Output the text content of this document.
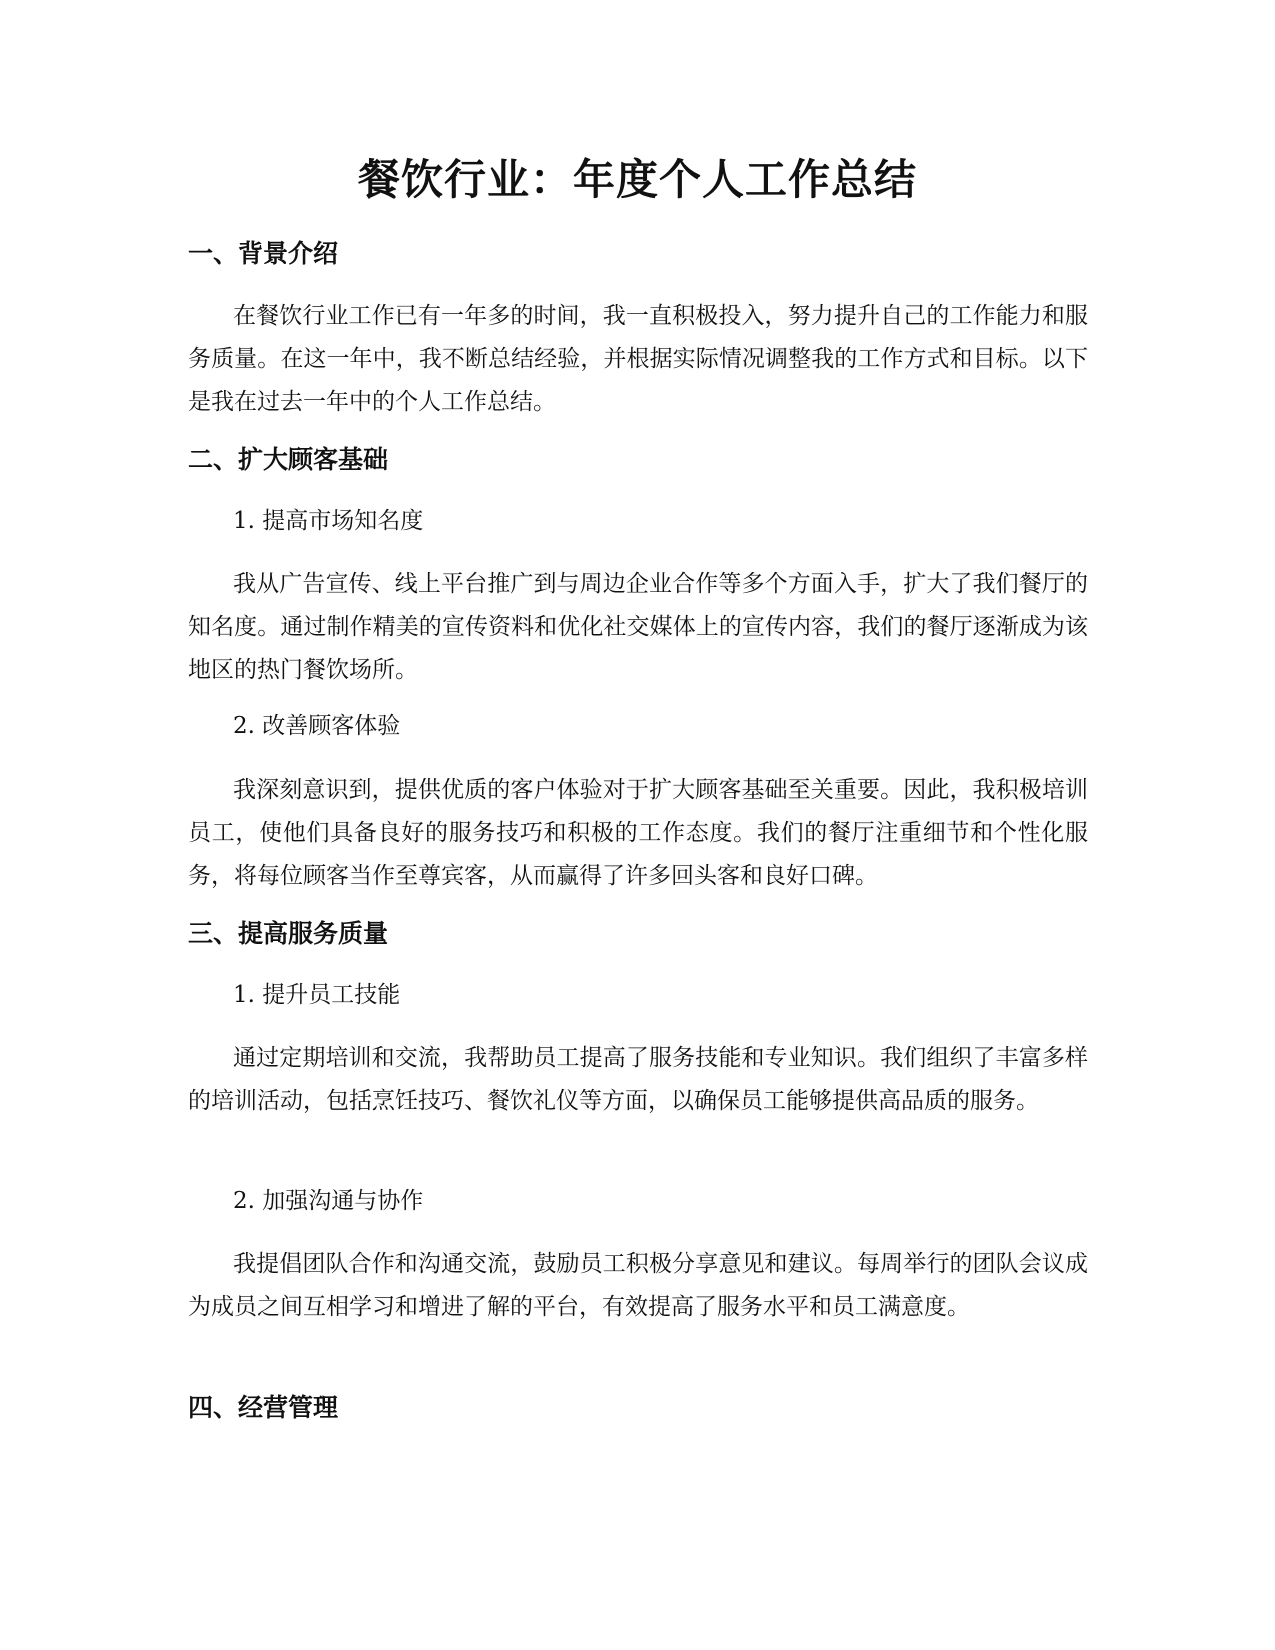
餐饮行业：年度个人工作总结
一、背景介绍

在餐饮行业工作已有一年多的时间，我一直积极投入，努力提升自己的工作能力和服务质量。在这一年中，我不断总结经验，并根据实际情况调整我的工作方式和目标。以下是我在过去一年中的个人工作总结。

二、扩大顾客基础

1. 提高市场知名度

我从广告宣传、线上平台推广到与周边企业合作等多个方面入手，扩大了我们餐厅的知名度。通过制作精美的宣传资料和优化社交媒体上的宣传内容，我们的餐厅逐渐成为该地区的热门餐饮场所。

2. 改善顾客体验

我深刻意识到，提供优质的客户体验对于扩大顾客基础至关重要。因此，我积极培训员工，使他们具备良好的服务技巧和积极的工作态度。我们的餐厅注重细节和个性化服务，将每位顾客当作至尊宾客，从而赢得了许多回头客和良好口碑。

三、提高服务质量

1. 提升员工技能

通过定期培训和交流，我帮助员工提高了服务技能和专业知识。我们组织了丰富多样的培训活动，包括烹饪技巧、餐饮礼仪等方面，以确保员工能够提供高品质的服务。

2. 加强沟通与协作

我提倡团队合作和沟通交流，鼓励员工积极分享意见和建议。每周举行的团队会议成为成员之间互相学习和增进了解的平台，有效提高了服务水平和员工满意度。

四、经营管理
